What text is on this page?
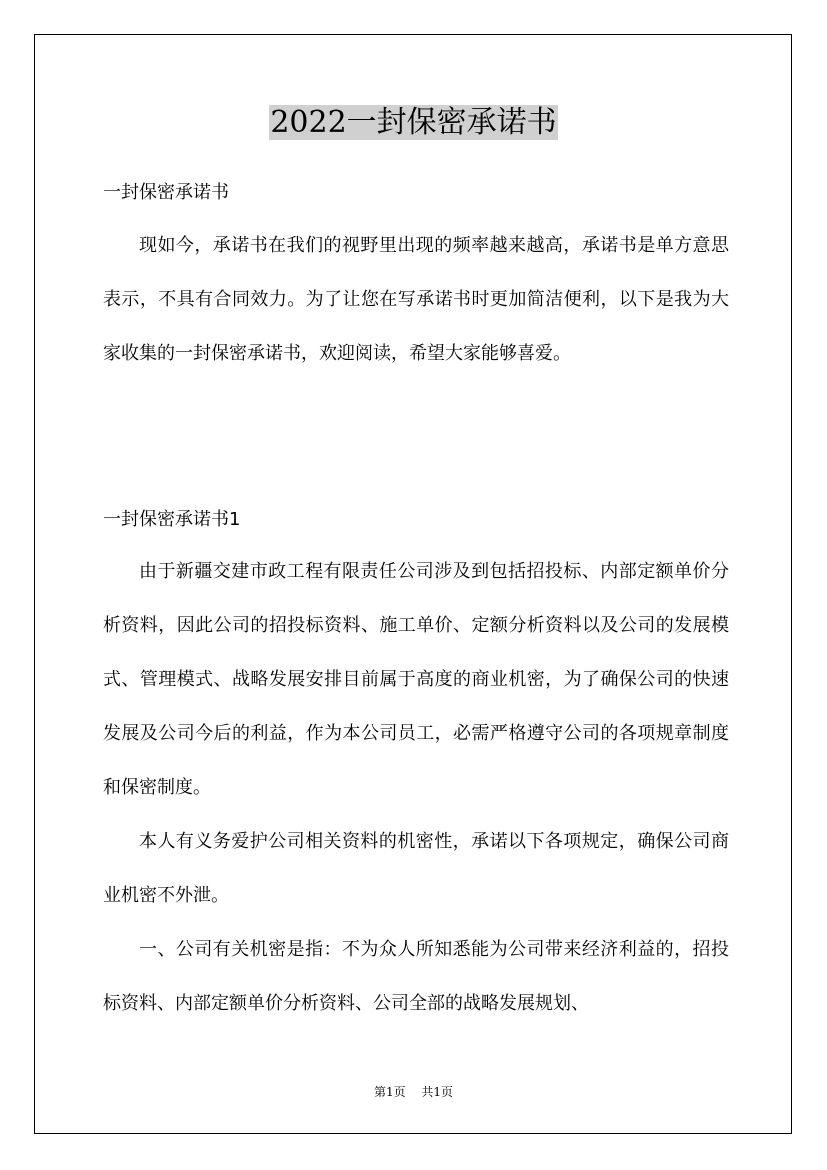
2022一封保密承诺书
一封保密承诺书

现如今，承诺书在我们的视野里出现的频率越来越高，承诺书是单方意思表示，不具有合同效力。为了让您在写承诺书时更加简洁便利，以下是我为大家收集的一封保密承诺书，欢迎阅读，希望大家能够喜爱。

一封保密承诺书1

由于新疆交建市政工程有限责任公司涉及到包括招投标、内部定额单价分析资料，因此公司的招投标资料、施工单价、定额分析资料以及公司的发展模式、管理模式、战略发展安排目前属于高度的商业机密，为了确保公司的快速发展及公司今后的利益，作为本公司员工，必需严格遵守公司的各项规章制度和保密制度。

本人有义务爱护公司相关资料的机密性，承诺以下各项规定，确保公司商业机密不外泄。

一、公司有关机密是指：不为众人所知悉能为公司带来经济利益的，招投标资料、内部定额单价分析资料、公司全部的战略发展规划、

第1页 共1页
